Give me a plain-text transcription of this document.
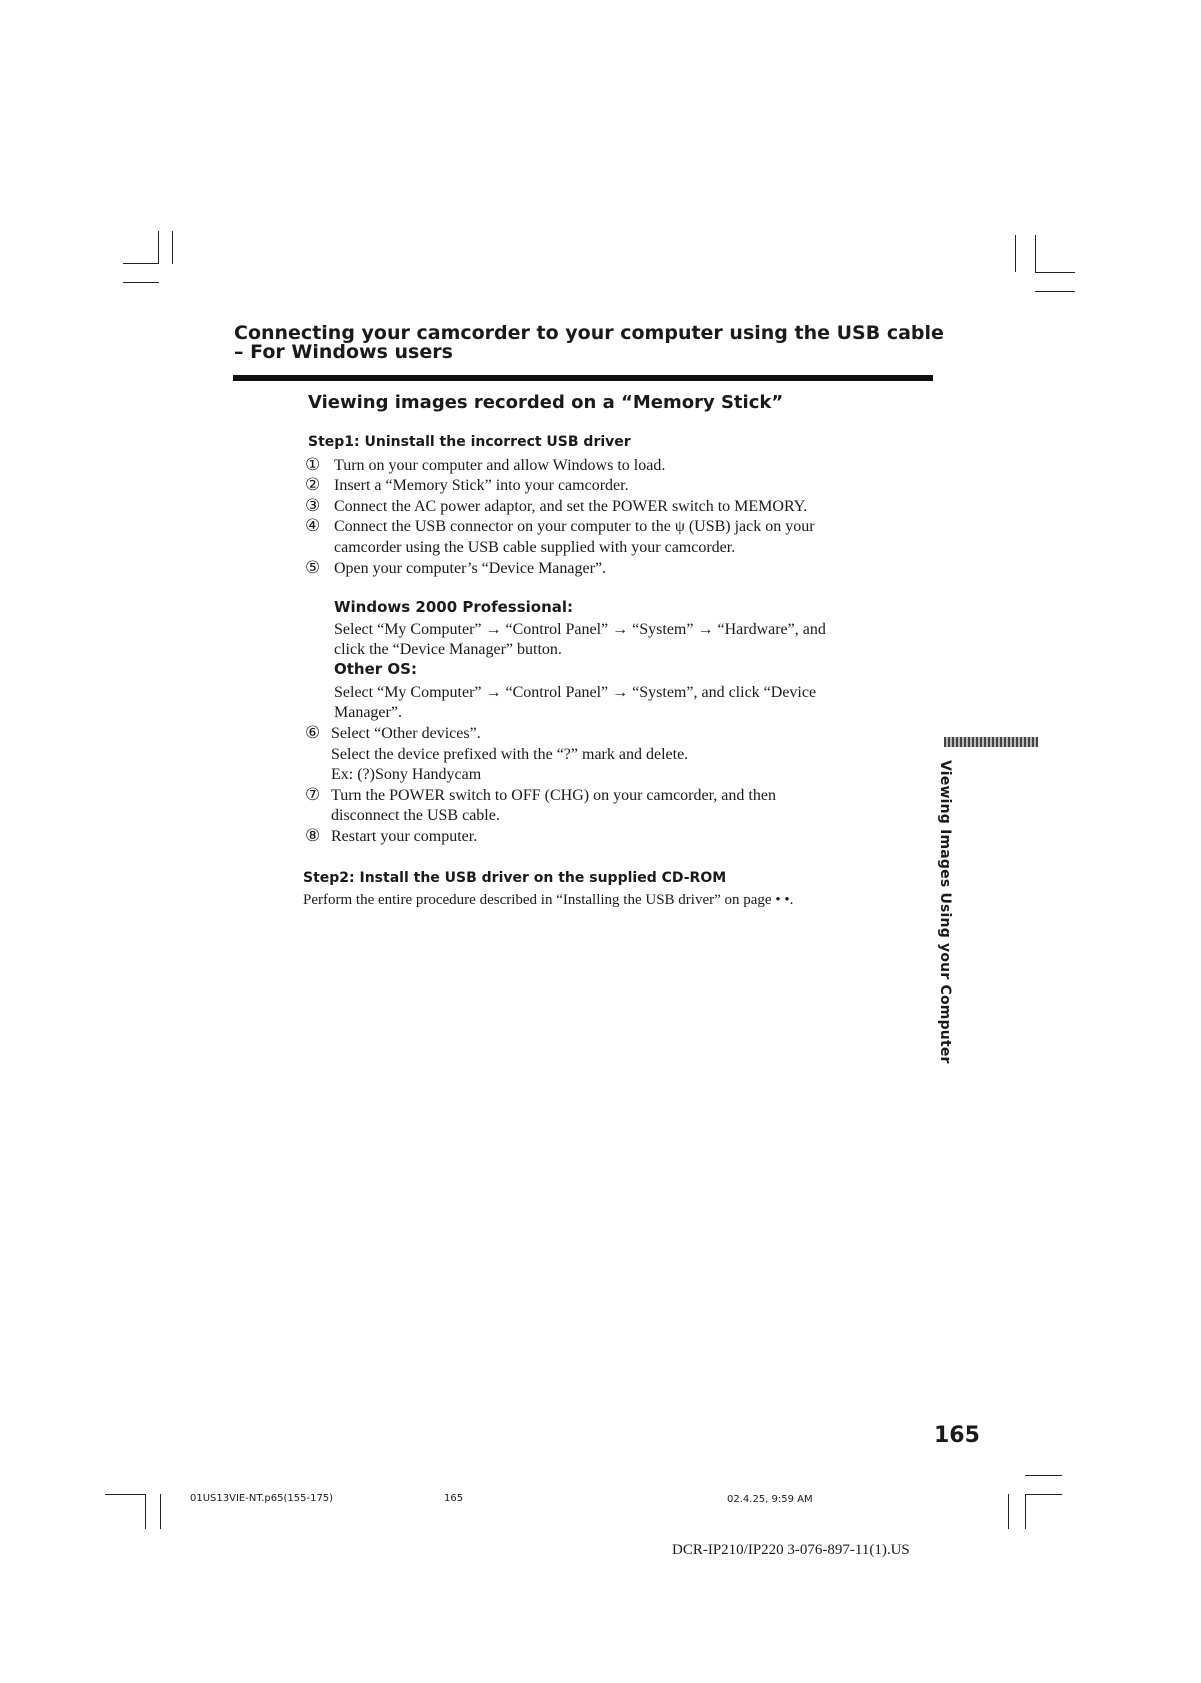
Connecting your camcorder to your computer using the USB cable
– For Windows users
Viewing images recorded on a “Memory Stick”
Step1: Uninstall the incorrect USB driver
① Turn on your computer and allow Windows to load.
② Insert a “Memory Stick” into your camcorder.
③ Connect the AC power adaptor, and set the POWER switch to MEMORY.
④ Connect the USB connector on your computer to the ψ (USB) jack on your
camcorder using the USB cable supplied with your camcorder.
⑤ Open your computer’s “Device Manager”.
Windows 2000 Professional:
Select “My Computer” → “Control Panel” → “System” → “Hardware”, and
click the “Device Manager” button.
Other OS:
Select “My Computer” → “Control Panel” → “System”, and click “Device
Manager”.
⑥ Select “Other devices”.
Select the device prefixed with the “?” mark and delete.
Ex: (?)Sony Handycam
⑦ Turn the POWER switch to OFF (CHG) on your camcorder, and then
disconnect the USB cable.
⑧ Restart your computer.
Step2: Install the USB driver on the supplied CD-ROM
Perform the entire procedure described in “Installing the USB driver” on page • •.	Viewing Images Using your Computer
165
01US13VIE-NT.p65(155-175)	165	02.4.25, 9:59 AM
DCR-IP210/IP220 3-076-897-11(1).US
